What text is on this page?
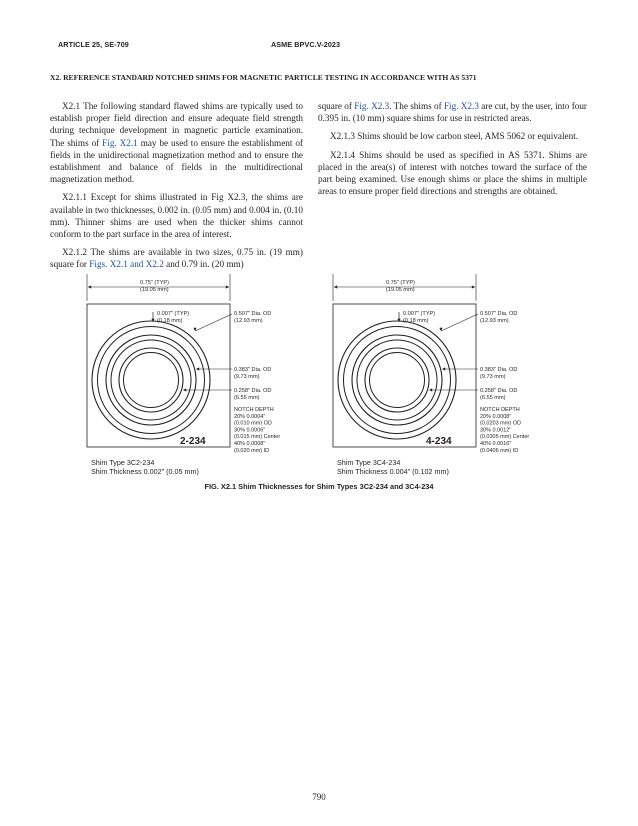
ARTICLE 25, SE-709	ASME BPVC.V-2023
X2. REFERENCE STANDARD NOTCHED SHIMS FOR MAGNETIC PARTICLE TESTING IN ACCORDANCE WITH AS 5371

X2.1 The following standard flawed shims are typically used to establish proper field direction and ensure adequate field strength during technique development in magnetic particle examination. The shims of Fig. X2.1 may be used to ensure the establishment of fields in the unidirectional magnetization method and to ensure the establishment and balance of fields in the multidirectional magnetization method.

X2.1.1 Except for shims illustrated in Fig X2.3, the shims are available in two thicknesses, 0.002 in. (0.05 mm) and 0.004 in. (0.10 mm). Thinner shims are used when the thicker shims cannot conform to the part surface in the area of interest.

X2.1.2 The shims are available in two sizes, 0.75 in. (19 mm) square for Figs. X2.1 and X2.2 and 0.79 in. (20 mm)

square of Fig. X2.3. The shims of Fig. X2.3 are cut, by the user, into four 0.395 in. (10 mm) square shims for use in restricted areas.

X2.1.3 Shims should be low carbon steel, AMS 5062 or equivalent.

X2.1.4 Shims should be used as specified in AS 5371. Shims are placed in the area(s) of interest with notches toward the surface of the part being examined. Use enough shims or place the shims in multiple areas to ensure proper field directions and strengths are obtained.

0.75" (TYP)
(19.05 mm)
0.007" (TYP)
(0.18 mm)
0.507" Dia. OD
(12.93 mm)
0.383" Dia. OD
(9.73 mm)
0.258" Dia. OD
(6.55 mm)
NOTCH DEPTH
20% 0.0004"
(0.010 mm) OD
30% 0.0006"
(0.015 mm) Center
40% 0.0008"
(0.020 mm) ID
2-234
Shim Type 3C2-234
Shim Thickness 0.002" (0.05 mm)
0.75" (TYP)
(19.05 mm)
0.007" (TYP)
(0.18 mm)
0.507" Dia. OD
(12.93 mm)
0.383" Dia. OD
(9.73 mm)
0.258" Dia. OD
(6.55 mm)
NOTCH DEPTH
20% 0.0008"
(0.0203 mm) OD
30% 0.0012"
(0.0305 mm) Center
40% 0.0016"
(0.0406 mm) ID
4-234
Shim Type 3C4-234
Shim Thickness 0.004" (0.102 mm)
FIG. X2.1 Shim Thicknesses for Shim Types 3C2-234 and 3C4-234
790
